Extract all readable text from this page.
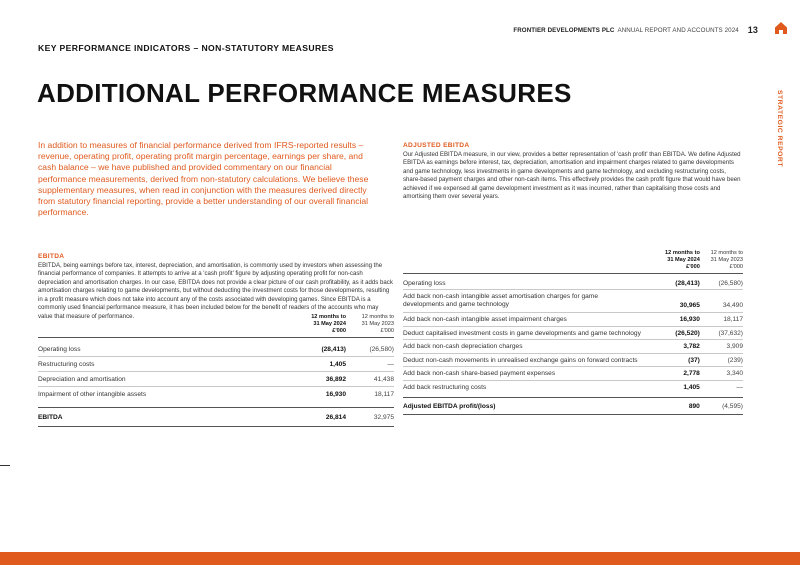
FRONTIER DEVELOPMENTS PLC ANNUAL REPORT AND ACCOUNTS 2024 13
KEY PERFORMANCE INDICATORS – NON-STATUTORY MEASURES
ADDITIONAL PERFORMANCE MEASURES	STRATEGIC REPORT

In addition to measures of financial performance derived from IFRS-reported results – revenue, operating profit, operating profit margin percentage, earnings per share, and cash balance – we have published and provided commentary on our financial performance measurements, derived from non-statutory calculations. We believe these supplementary measures, when read in conjunction with the measures derived directly from statutory financial reporting, provide a better understanding of our overall financial performance.

EBITDA

EBITDA, being earnings before tax, interest, depreciation, and amortisation, is commonly used by investors when assessing the financial performance of companies. It attempts to arrive at a 'cash profit' figure by adjusting operating profit for non-cash depreciation and amortisation charges. In our case, EBITDA does not provide a clear picture of our cash profitability, as it adds back amortisation charges relating to game developments, but without deducting the investment costs for those developments, resulting in a profit measure which does not take into account any of the costs associated with developing games. Since EBITDA is a commonly used financial performance measure, it has been included below for the benefit of readers of the accounts who may value that measure of performance.

		12 months to
31 May 2024
£'000	12 months to
31 May 2023
£'000
Operating loss	(28,413)	(26,580)
Restructuring costs	1,405	—
Depreciation and amortisation	36,892	41,438
Impairment of other intangible assets	16,930	18,117

EBITDA	26,814	32,975
ADJUSTED EBITDA

Our Adjusted EBITDA measure, in our view, provides a better representation of 'cash profit' than EBITDA. We define Adjusted EBITDA as earnings before interest, tax, depreciation, amortisation and impairment charges related to game developments and game technology, less investments in game developments and game technology, and excluding restructuring costs, share-based payment charges and other non-cash items. This effectively provides the cash profit figure that would have been achieved if we expensed all game development investment as it was incurred, rather than capitalising those costs and amortising them over several years.

	12 months to
31 May 2024
£'000	12 months to
31 May 2023
£'000
Operating loss	(28,413)	(26,580)
Add back non-cash intangible asset amortisation charges for game developments and game technology	30,965	34,490
Add back non-cash intangible asset impairment charges	16,930	18,117
Deduct capitalised investment costs in game developments and game technology	(26,520)	(37,632)
Add back non-cash depreciation charges	3,782	3,909
Deduct non-cash movements in unrealised exchange gains on forward contracts	(37)	(239)
Add back non-cash share-based payment expenses	2,778	3,340
Add back restructuring costs	1,405	—

Adjusted EBITDA profit/(loss)	890	(4,595)
